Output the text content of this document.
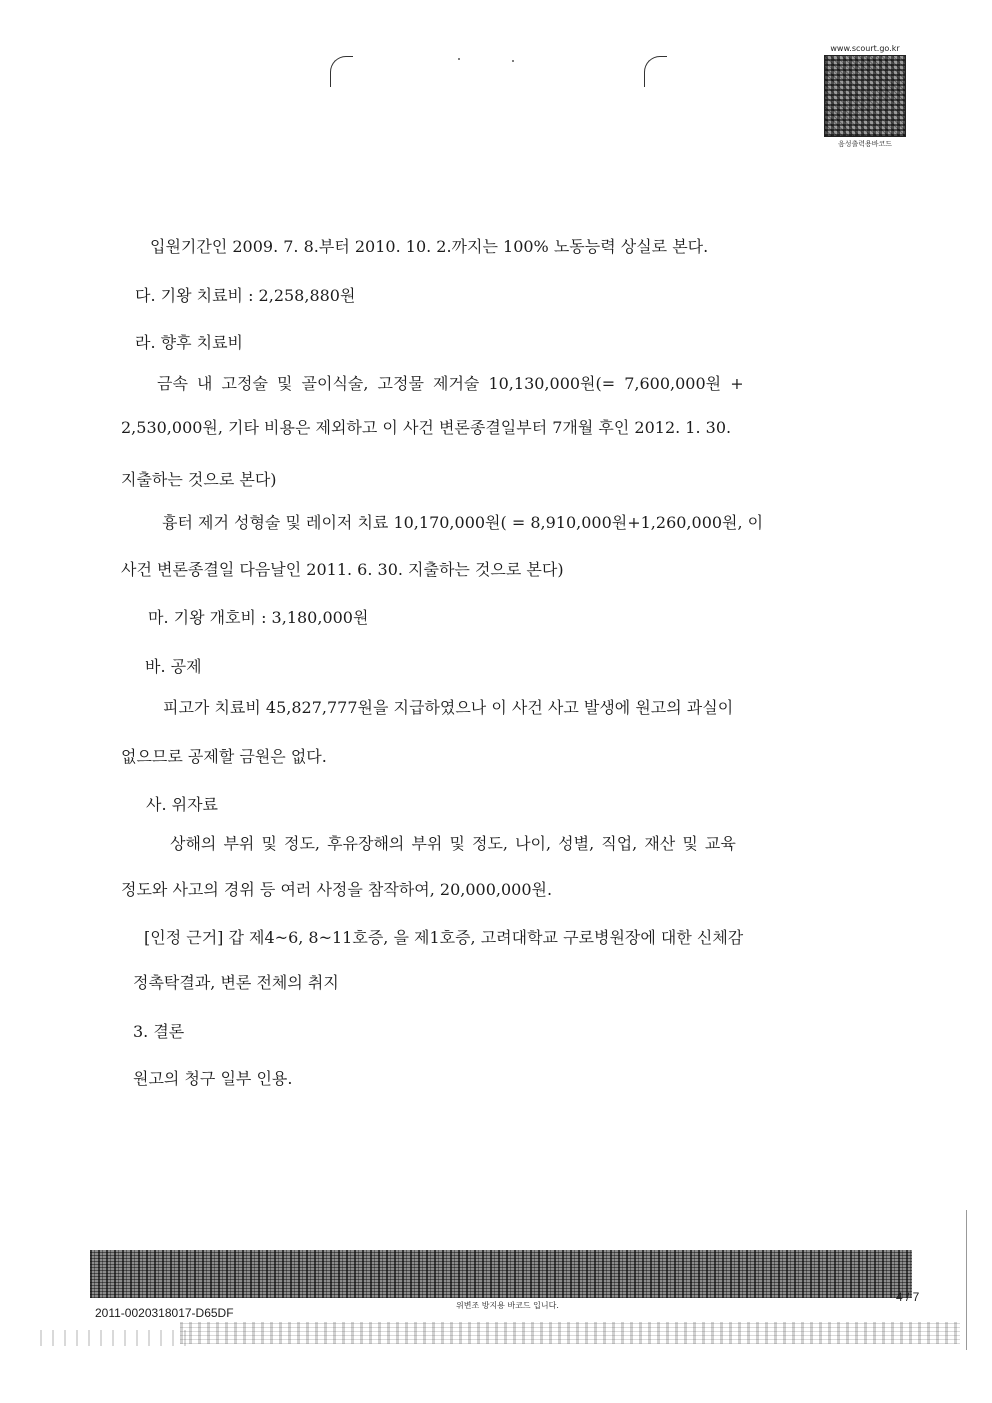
www.scourt.go.kr
음성출력용바코드
입원기간인 2009. 7. 8.부터 2010. 10. 2.까지는 100% 노동능력 상실로 본다.
다. 기왕 치료비 : 2,258,880원
라. 향후 치료비
금속 내 고정술 및 골이식술, 고정물 제거술 10,130,000원(= 7,600,000원 +
2,530,000원, 기타 비용은 제외하고 이 사건 변론종결일부터 7개월 후인 2012. 1. 30.
지출하는 것으로 본다)
흉터 제거 성형술 및 레이저 치료 10,170,000원( = 8,910,000원+1,260,000원, 이
사건 변론종결일 다음날인 2011. 6. 30. 지출하는 것으로 본다)
마. 기왕 개호비 : 3,180,000원
바. 공제
피고가 치료비 45,827,777원을 지급하였으나 이 사건 사고 발생에 원고의 과실이
없으므로 공제할 금원은 없다.
사. 위자료
상해의 부위 및 정도, 후유장해의 부위 및 정도, 나이, 성별, 직업, 재산 및 교육
정도와 사고의 경위 등 여러 사정을 참작하여, 20,000,000원.
[인정 근거] 갑 제4~6, 8~11호증, 을 제1호증, 고려대학교 구로병원장에 대한 신체감
정촉탁결과, 변론 전체의 취지
3. 결론
원고의 청구 일부 인용.
위변조 방지용 바코드 입니다.
2011-0020318017-D65DF
4 / 7
